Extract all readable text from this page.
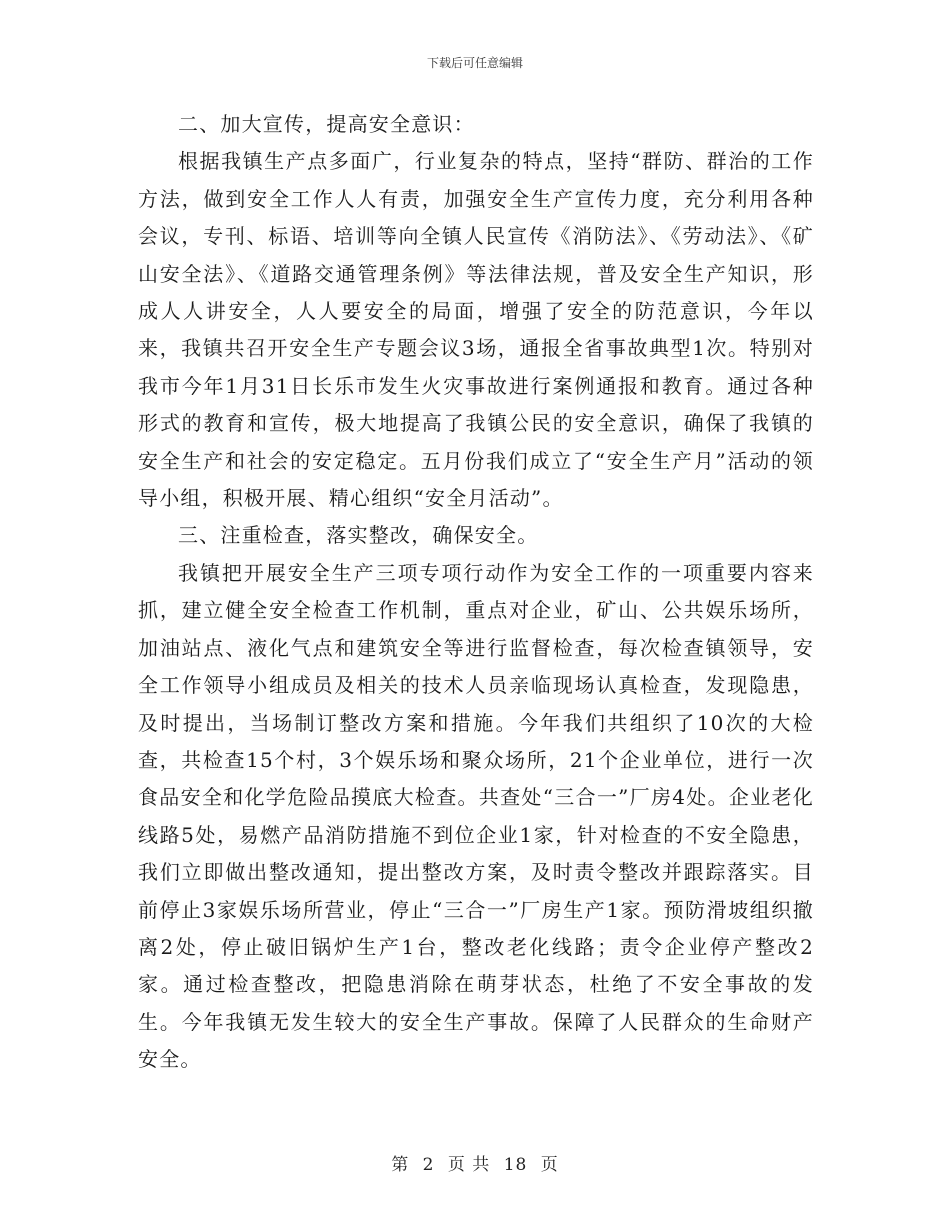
下载后可任意编辑

二、加大宣传，提高安全意识：

根据我镇生产点多面广，行业复杂的特点，坚持“群防、群治的工作方法，做到安全工作人人有责，加强安全生产宣传力度，充分利用各种会议，专刊、标语、培训等向全镇人民宣传《消防法》、《劳动法》、《矿山安全法》、《道路交通管理条例》等法律法规，普及安全生产知识，形成人人讲安全，人人要安全的局面，增强了安全的防范意识，今年以来，我镇共召开安全生产专题会议3场，通报全省事故典型1次。特别对我市今年1月31日长乐市发生火灾事故进行案例通报和教育。通过各种形式的教育和宣传，极大地提高了我镇公民的安全意识，确保了我镇的安全生产和社会的安定稳定。五月份我们成立了“安全生产月”活动的领导小组，积极开展、精心组织“安全月活动”。

三、注重检查，落实整改，确保安全。

我镇把开展安全生产三项专项行动作为安全工作的一项重要内容来抓，建立健全安全检查工作机制，重点对企业，矿山、公共娱乐场所，加油站点、液化气点和建筑安全等进行监督检查，每次检查镇领导，安全工作领导小组成员及相关的技术人员亲临现场认真检查，发现隐患，及时提出，当场制订整改方案和措施。今年我们共组织了10次的大检查，共检查15个村，3个娱乐场和聚众场所，21个企业单位，进行一次食品安全和化学危险品摸底大检查。共查处“三合一”厂房4处。企业老化线路5处，易燃产品消防措施不到位企业1家，针对检查的不安全隐患，我们立即做出整改通知，提出整改方案，及时责令整改并跟踪落实。目前停止3家娱乐场所营业，停止“三合一”厂房生产1家。预防滑坡组织撤离2处，停止破旧锅炉生产1台，整改老化线路；责令企业停产整改2家。通过检查整改，把隐患消除在萌芽状态，杜绝了不安全事故的发生。今年我镇无发生较大的安全生产事故。保障了人民群众的生命财产安全。

第 2 页 共 18 页
